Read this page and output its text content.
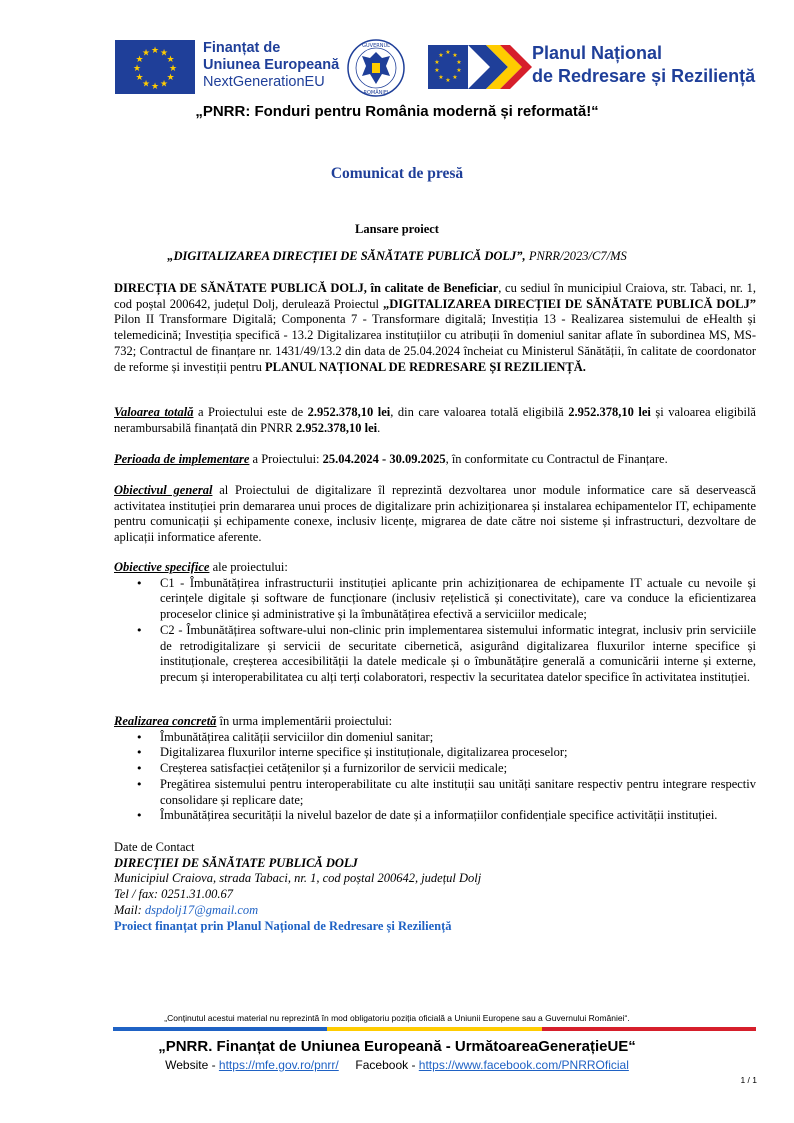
★ ★
★
★
★
★
★
★
★
★
★
★	Finanțat de
Uniunea Europeană
NextGenerationEU
GUVERNUL
ROMÂNIEI
★ ★
★
★
★
★
★
★
★
★	Planul Național
de Redresare și Reziliență
„PNRR: Fonduri pentru România modernă și reformată!“
Comunicat de presă
Lansare proiect
„DIGITALIZAREA DIRECȚIEI DE SĂNĂTATE PUBLICĂ DOLJ”, PNRR/2023/C7/MS

DIRECȚIA DE SĂNĂTATE PUBLICĂ DOLJ, în calitate de Beneficiar, cu sediul în municipiul Craiova, str. Tabaci, nr. 1, cod poștal 200642, județul Dolj, derulează Proiectul „DIGITALIZAREA DIRECȚIEI DE SĂNĂTATE PUBLICĂ DOLJ” Pilon II Transformare Digitală; Componenta 7 - Transformare digitală; Investiția 13 - Realizarea sistemului de eHealth și telemedicină; Investiția specifică - 13.2 Digitalizarea instituțiilor cu atribuții în domeniul sanitar aflate în subordinea MS, MS-732; Contractul de finanțare nr. 1431/49/13.2 din data de 25.04.2024 încheiat cu Ministerul Sănătății, în calitate de coordonator de reforme și investiții pentru PLANUL NAȚIONAL DE REDRESARE ȘI REZILIENȚĂ.

Valoarea totală a Proiectului este de 2.952.378,10 lei, din care valoarea totală eligibilă 2.952.378,10 lei și valoarea eligibilă nerambursabilă finanțată din PNRR 2.952.378,10 lei.

Perioada de implementare a Proiectului: 25.04.2024 - 30.09.2025, în conformitate cu Contractul de Finanțare.

Obiectivul general al Proiectului de digitalizare îl reprezintă dezvoltarea unor module informatice care să deservească activitatea instituției prin demararea unui proces de digitalizare prin achiziționarea și instalarea echipamentelor IT, echipamente pentru comunicații și echipamente conexe, inclusiv licențe, migrarea de date către noi sisteme și infrastructuri, dezvoltare de aplicații informatice aferente.

Obiective specifice ale proiectului:

• C1 - Îmbunătățirea infrastructurii instituției aplicante prin achiziționarea de echipamente IT actuale cu nevoile și cerințele digitale și software de funcționare (inclusiv rețelistică și conectivitate), care va conduce la eficientizarea proceselor clinice și administrative și la îmbunătățirea efectivă a serviciilor medicale;
• C2 - Îmbunătățirea software-ului non-clinic prin implementarea sistemului informatic integrat, inclusiv prin serviciile de retrodigitalizare și servicii de securitate cibernetică, asigurând digitalizarea fluxurilor interne specifice și instituționale, creșterea accesibilității la datele medicale și o îmbunătățire generală a comunicării interne și externe, precum și interoperabilitatea cu alți terți colaboratori, respectiv la securitatea datelor specifice în activitatea instituției.

Realizarea concretă în urma implementării proiectului:

• Îmbunătățirea calității serviciilor din domeniul sanitar;
• Digitalizarea fluxurilor interne specifice și instituționale, digitalizarea proceselor;
• Creșterea satisfacției cetățenilor și a furnizorilor de servicii medicale;
• Pregătirea sistemului pentru interoperabilitate cu alte instituții sau unități sanitare respectiv pentru integrare respectiv consolidare și replicare date;
• Îmbunătățirea securității la nivelul bazelor de date și a informațiilor confidențiale specifice activității instituției.
Date de Contact
DIRECȚIEI DE SĂNĂTATE PUBLICĂ DOLJ
Municipiul Craiova, strada Tabaci, nr. 1, cod poștal 200642, județul Dolj
Tel / fax: 0251.31.00.67
Mail: dspdolj17@gmail.com
Proiect finanțat prin Planul Național de Redresare și Reziliență
„Conținutul acestui material nu reprezintă în mod obligatoriu poziția oficială a Uniunii Europene sau a Guvernului României“.
„PNRR. Finanțat de Uniunea Europeană - UrmătoareaGenerațieUE“
Website - https://mfe.gov.ro/pnrr/ Facebook - https://www.facebook.com/PNRROficial
1 / 1
